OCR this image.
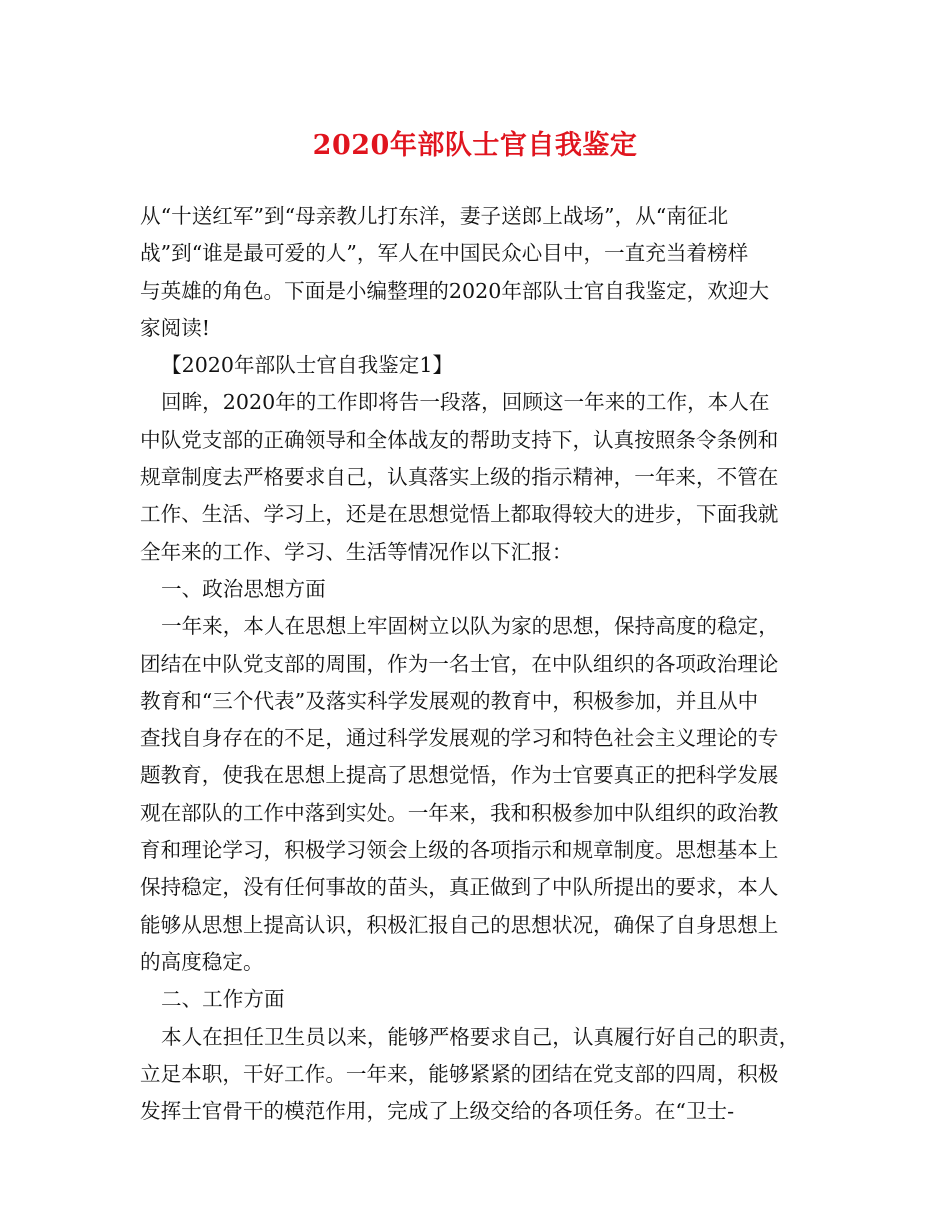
2020年部队士官自我鉴定
从“十送红军”到“母亲教儿打东洋，妻子送郎上战场”，从“南征北
战”到“谁是最可爱的人”，军人在中国民众心目中，一直充当着榜样
与英雄的角色。下面是小编整理的2020年部队士官自我鉴定，欢迎大
家阅读!
【2020年部队士官自我鉴定1】
回眸，2020年的工作即将告一段落，回顾这一年来的工作，本人在
中队党支部的正确领导和全体战友的帮助支持下，认真按照条令条例和
规章制度去严格要求自己，认真落实上级的指示精神，一年来，不管在
工作、生活、学习上，还是在思想觉悟上都取得较大的进步，下面我就
全年来的工作、学习、生活等情况作以下汇报：
一、政治思想方面
一年来，本人在思想上牢固树立以队为家的思想，保持高度的稳定，
团结在中队党支部的周围，作为一名士官，在中队组织的各项政治理论
教育和“三个代表”及落实科学发展观的教育中，积极参加，并且从中
查找自身存在的不足，通过科学发展观的学习和特色社会主义理论的专
题教育，使我在思想上提高了思想觉悟，作为士官要真正的把科学发展
观在部队的工作中落到实处。一年来，我和积极参加中队组织的政治教
育和理论学习，积极学习领会上级的各项指示和规章制度。思想基本上
保持稳定，没有任何事故的苗头，真正做到了中队所提出的要求，本人
能够从思想上提高认识，积极汇报自己的思想状况，确保了自身思想上
的高度稳定。
二、工作方面
本人在担任卫生员以来，能够严格要求自己，认真履行好自己的职责，
立足本职，干好工作。一年来，能够紧紧的团结在党支部的四周，积极
发挥士官骨干的模范作用，完成了上级交给的各项任务。在“卫士-
